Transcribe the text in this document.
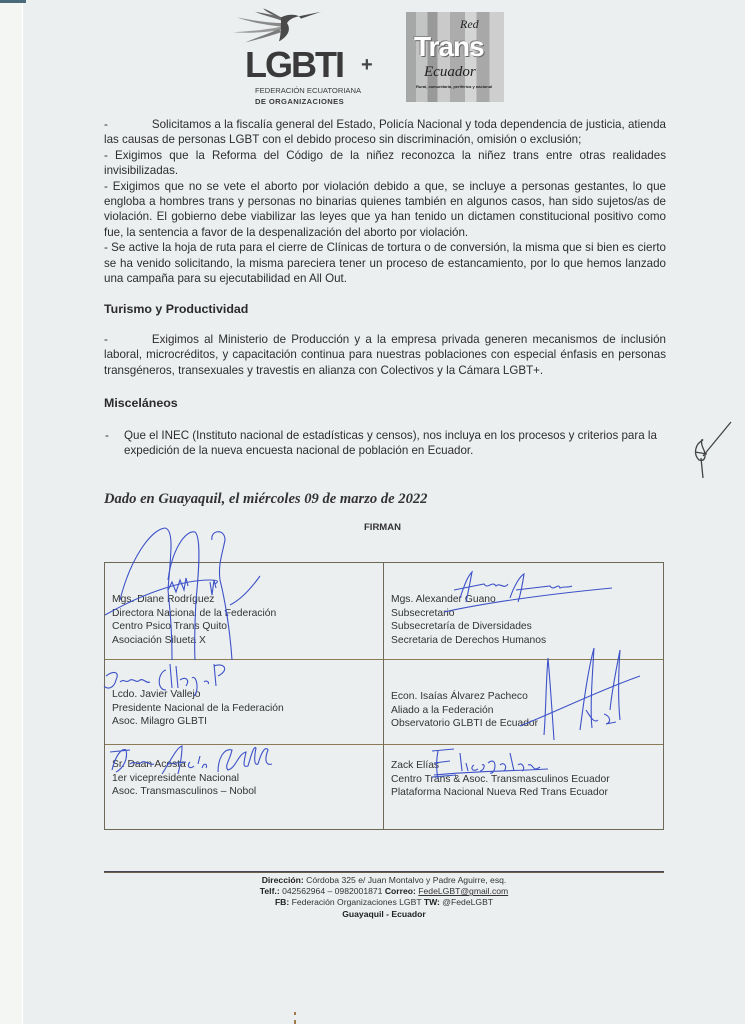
LGBTI +
FEDERACIÓN ECUATORIANA
DE ORGANIZACIONES
Red
Trans
Ecuador
Rural, comunitaria, periférica y nacional
-	Solicitamos a la fiscalía general del Estado, Policía Nacional y toda dependencia de justicia, atienda las causas de personas LGBT con el debido proceso sin discriminación, omisión o exclusión;
- Exigimos que la Reforma del Código de la niñez reconozca la niñez trans entre otras realidades invisibilizadas.
- Exigimos que no se vete el aborto por violación debido a que, se incluye a personas gestantes, lo que engloba a hombres trans y personas no binarias quienes también en algunos casos, han sido sujetos/as de violación. El gobierno debe viabilizar las leyes que ya han tenido un dictamen constitucional positivo como fue, la sentencia a favor de la despenalización del aborto por violación.
- Se active la hoja de ruta para el cierre de Clínicas de tortura o de conversión, la misma que si bien es cierto se ha venido solicitando, la misma pareciera tener un proceso de estancamiento, por lo que hemos lanzado una campaña para su ejecutabilidad en All Out.
Turismo y Productividad
-	Exigimos al Ministerio de Producción y a la empresa privada generen mecanismos de inclusión laboral, microcréditos, y capacitación continua para nuestras poblaciones con especial énfasis en personas transgéneros, transexuales y travestis en alianza con Colectivos y la Cámara LGBT+.
Misceláneos
- Que el INEC (Instituto nacional de estadísticas y censos), nos incluya en los procesos y criterios para la expedición de la nueva encuesta nacional de población en Ecuador.
Dado en Guayaquil, el miércoles 09 de marzo de 2022
FIRMAN
Mgs. Diane Rodríguez
Directora Nacional de la Federación
Centro Psico Trans Quito
Asociación Silueta X
Mgs. Alexander Guano
Subsecretario
Subsecretaría de Diversidades
Secretaria de Derechos Humanos
Lcdo. Javier Vallejo
Presidente Nacional de la Federación
Asoc. Milagro GLBTI
Econ. Isaías Álvarez Pacheco
Aliado a la Federación
Observatorio GLBTI de Ecuador
Sr. Daan Acosta
1er vicepresidente Nacional
Asoc. Transmasculinos – Nobol
Zack Elías
Centro Trans & Asoc. Transmasculinos Ecuador
Plataforma Nacional Nueva Red Trans Ecuador
Dirección: Córdoba 325 e/ Juan Montalvo y Padre Aguirre, esq.
Telf.: 042562964 – 0982001871 Correo: FedeLGBT@gmail.com
FB: Federación Organizaciones LGBT TW: @FedeLGBT
Guayaquil - Ecuador
